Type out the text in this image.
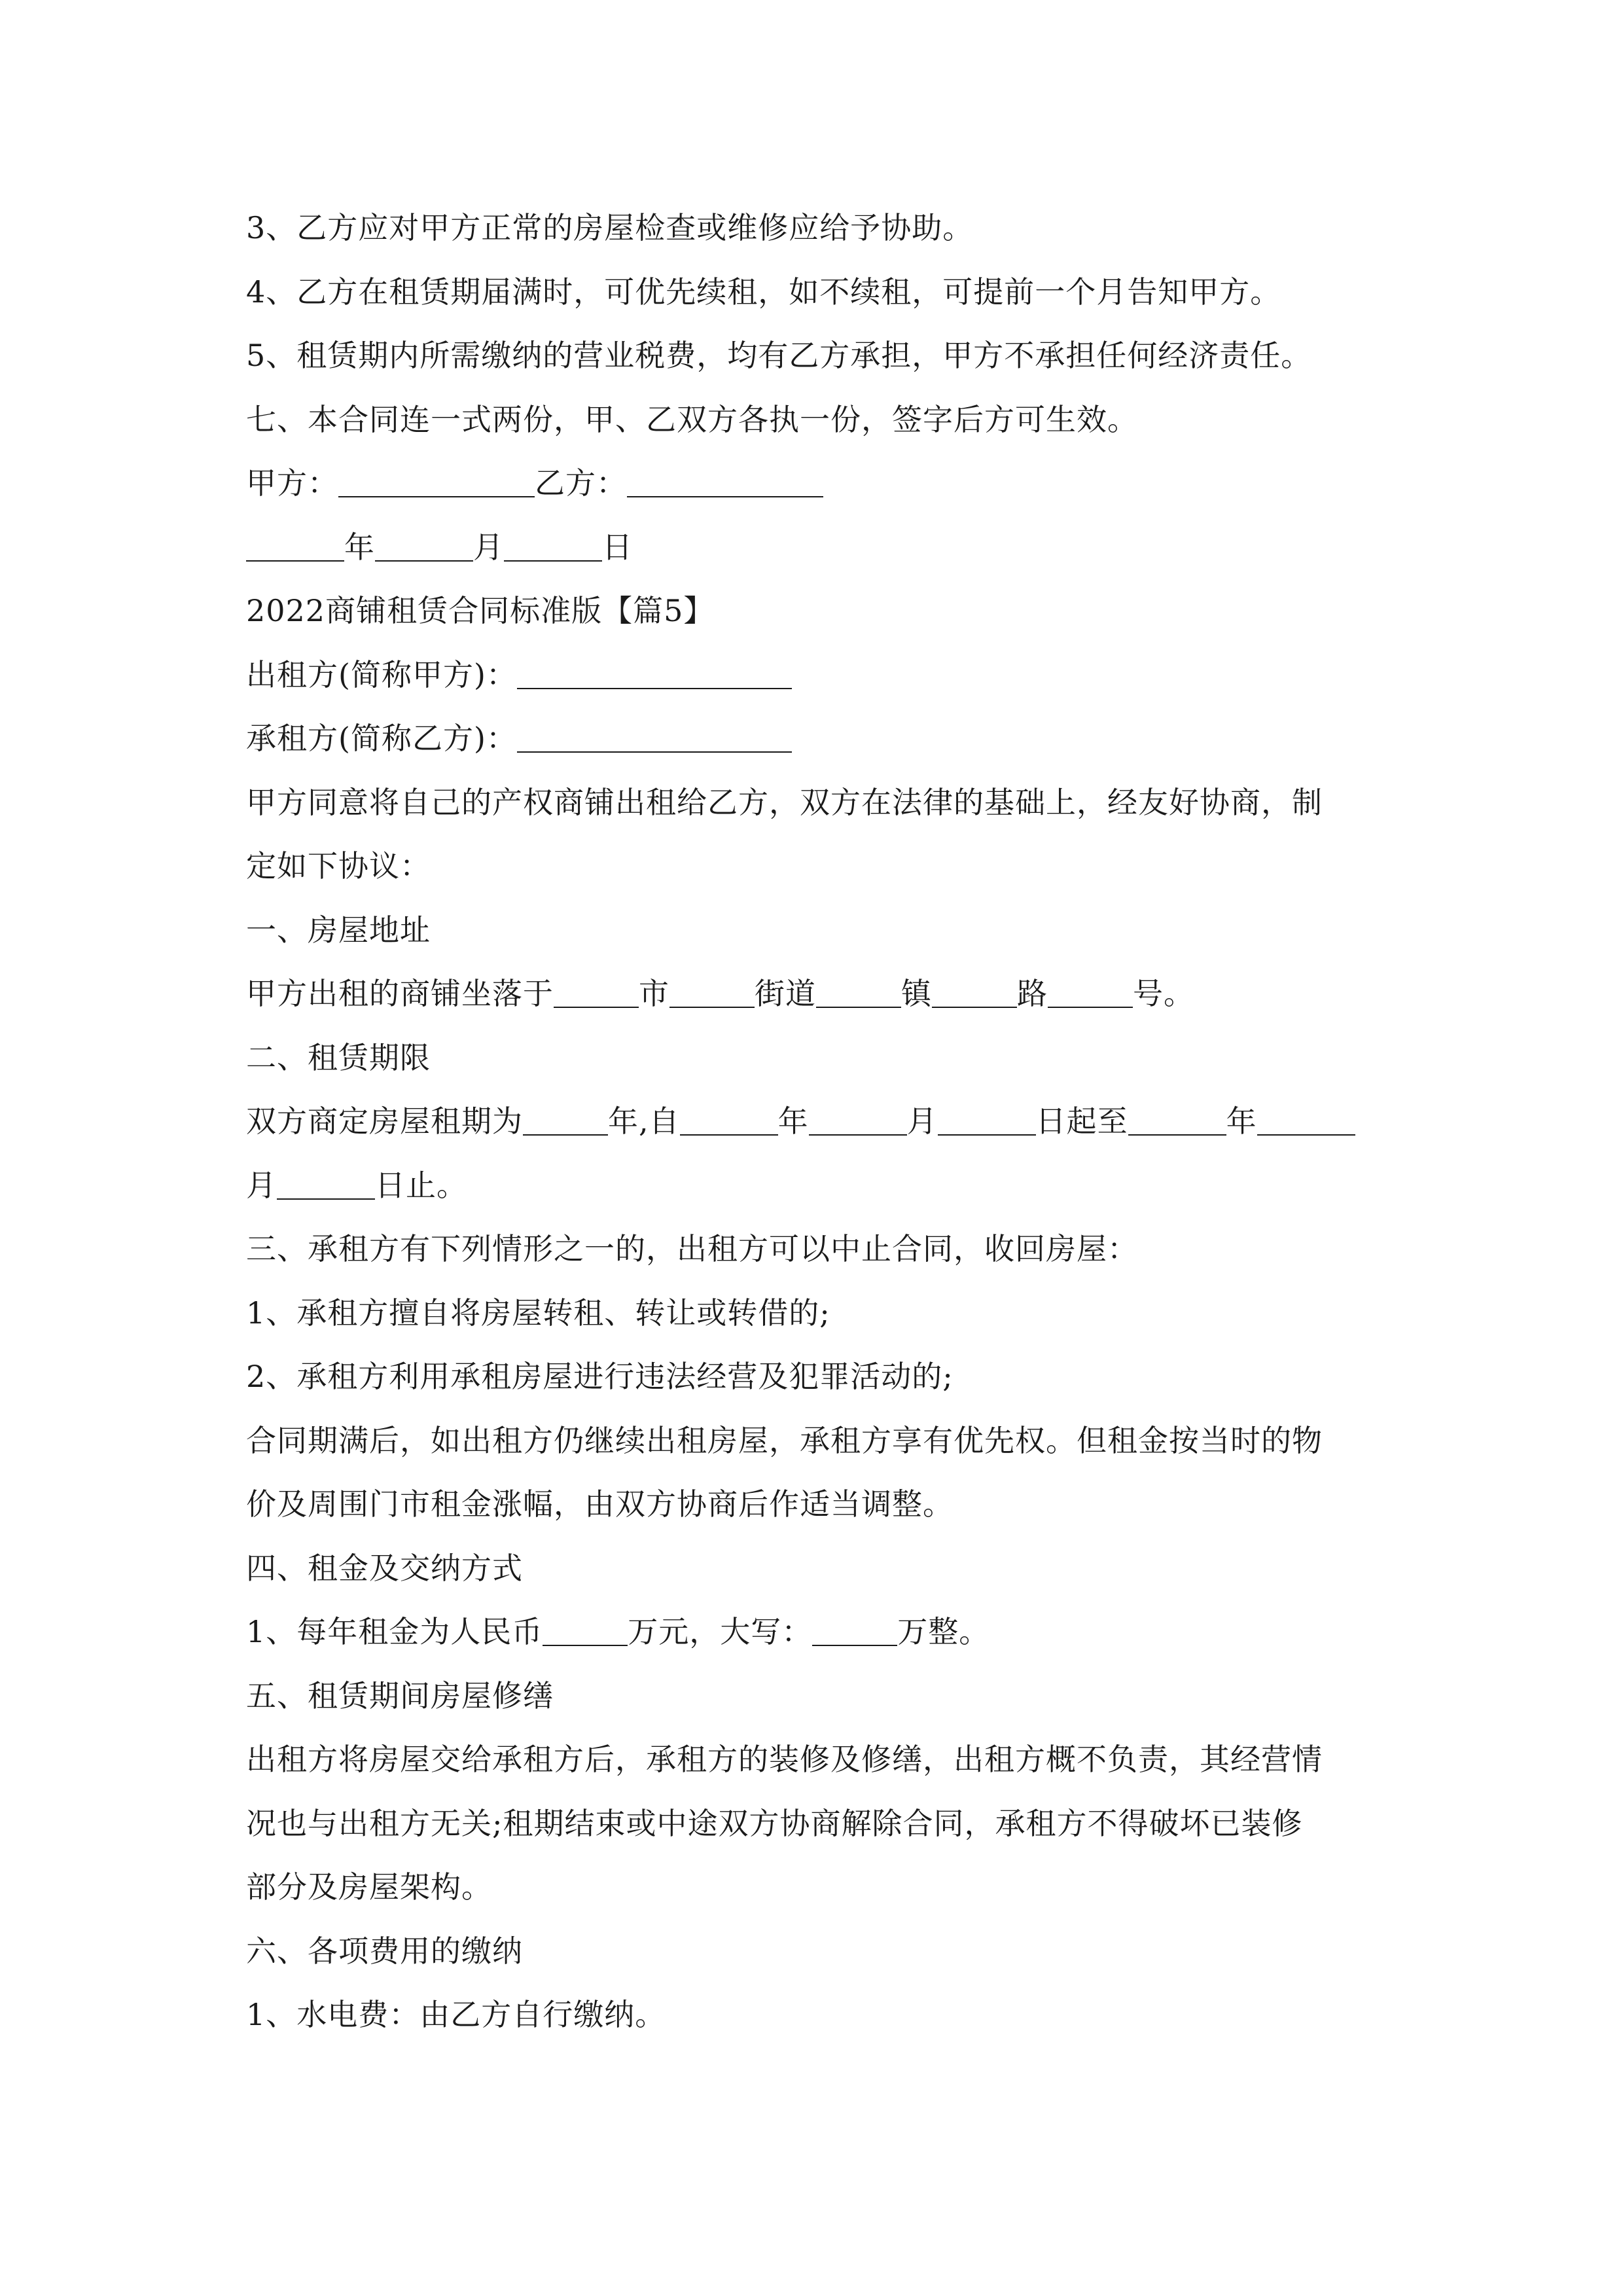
3、乙方应对甲方正常的房屋检查或维修应给予协助。
4、乙方在租赁期届满时，可优先续租，如不续租，可提前一个月告知甲方。
5、租赁期内所需缴纳的营业税费，均有乙方承担，甲方不承担任何经济责任。
七、本合同连一式两份，甲、乙双方各执一份，签字后方可生效。
甲方：	乙方：
年	月	日
2022商铺租赁合同标准版【篇5】
出租方(简称甲方)：
承租方(简称乙方)：
甲方同意将自己的产权商铺出租给乙方，双方在法律的基础上，经友好协商，制
定如下协议：
一、房屋地址
甲方出租的商铺坐落于	市	街道	镇	路	号。
二、租赁期限
双方商定房屋租期为	年,自	年	月	日起至	年
月	日止。
三、承租方有下列情形之一的，出租方可以中止合同，收回房屋：
1、承租方擅自将房屋转租、转让或转借的;
2、承租方利用承租房屋进行违法经营及犯罪活动的;
合同期满后，如出租方仍继续出租房屋，承租方享有优先权。但租金按当时的物
价及周围门市租金涨幅，由双方协商后作适当调整。
四、租金及交纳方式
1、每年租金为人民币	万元，大写：	万整。
五、租赁期间房屋修缮
出租方将房屋交给承租方后，承租方的装修及修缮，出租方概不负责，其经营情
况也与出租方无关;租期结束或中途双方协商解除合同，承租方不得破坏已装修
部分及房屋架构。
六、各项费用的缴纳
1、水电费：由乙方自行缴纳。
